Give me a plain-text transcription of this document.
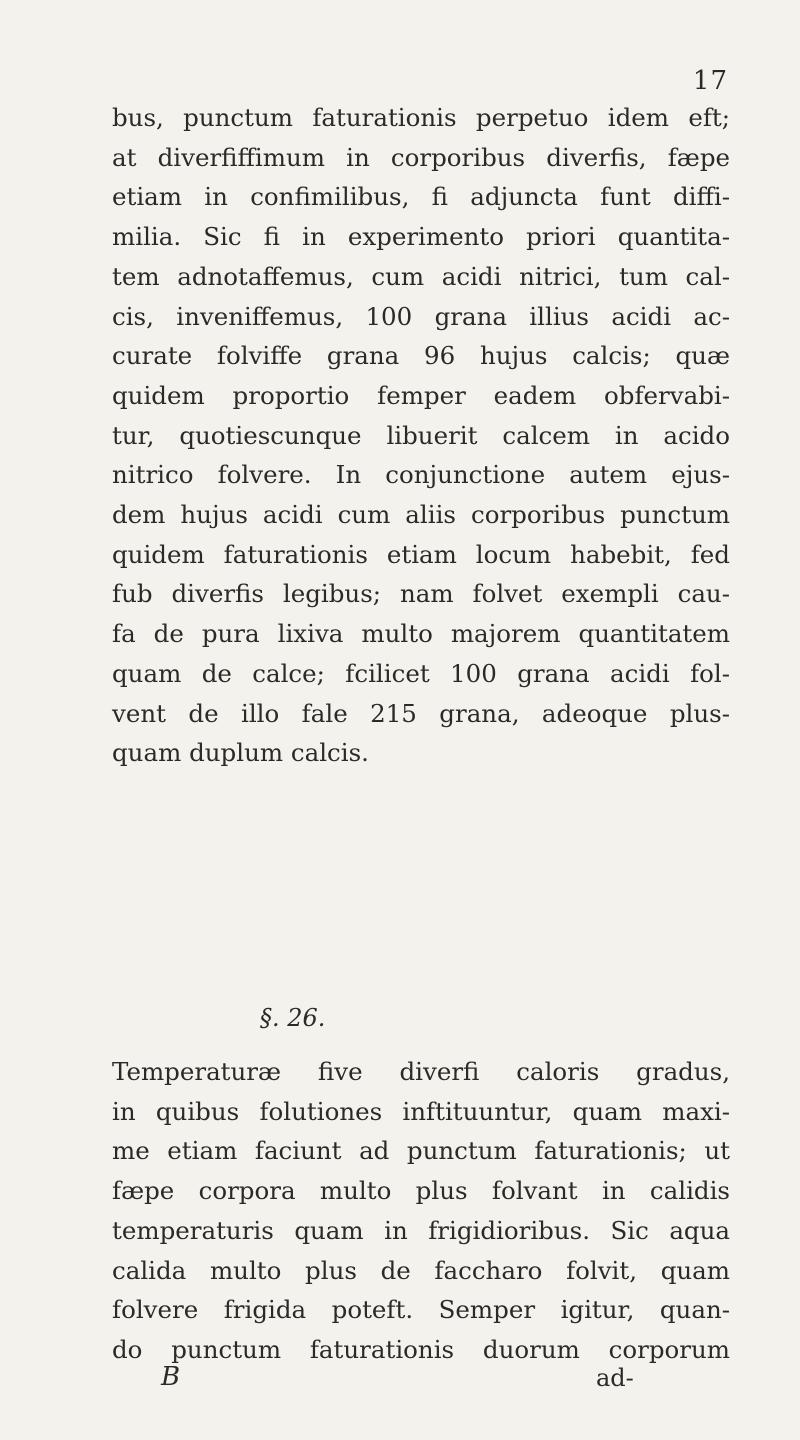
17
bus, punctum faturationis perpetuo idem eft;
at diverfiffimum in corporibus diverfis, fæpe
etiam in confimilibus, fi adjuncta funt diffi-
milia. Sic fi in experimento priori quantita-
tem adnotaffemus, cum acidi nitrici, tum cal-
cis, inveniffemus, 100 grana illius acidi ac-
curate folviffe grana 96 hujus calcis; quæ
quidem proportio femper eadem obfervabi-
tur, quotiescunque libuerit calcem in acido
nitrico folvere. In conjunctione autem ejus-
dem hujus acidi cum aliis corporibus punctum
quidem faturationis etiam locum habebit, fed
fub diverfis legibus; nam folvet exempli cau-
fa de pura lixiva multo majorem quantitatem
quam de calce; fcilicet 100 grana acidi fol-
vent de illo fale 215 grana, adeoque plus-
quam duplum calcis.
§. 26.
Temperaturæ five diverfi caloris gradus,
in quibus folutiones inftituuntur, quam maxi-
me etiam faciunt ad punctum faturationis; ut
fæpe corpora multo plus folvant in calidis
temperaturis quam in frigidioribus. Sic aqua
calida multo plus de faccharo folvit, quam
folvere frigida poteft. Semper igitur, quan-
do punctum faturationis duorum corporum
B	ad-
